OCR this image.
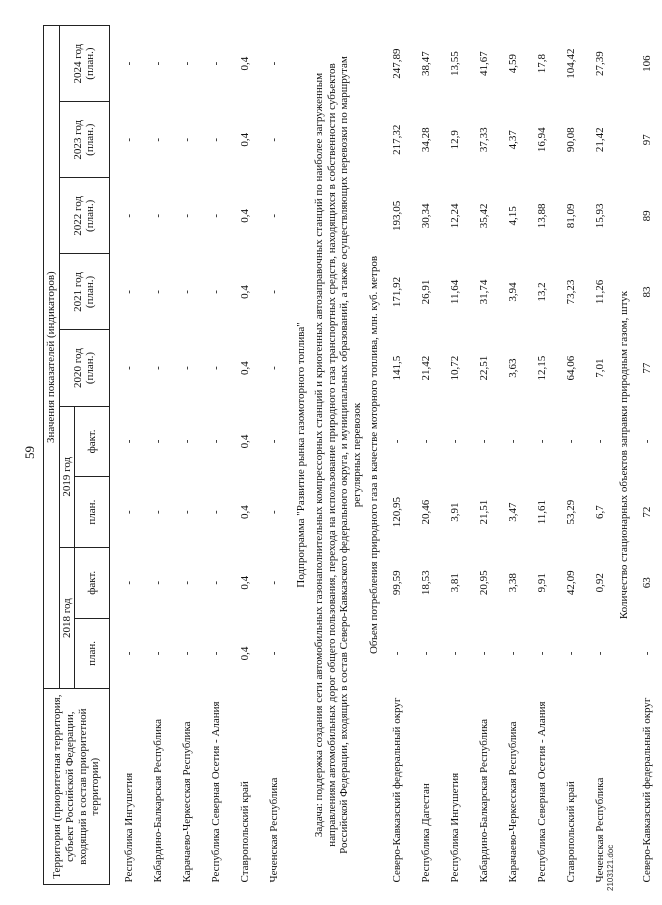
59
Территория (приоритетная территория, субъект Российской Федерации, входящий в состав приоритетной территории)	Значения показателей (индикаторов)								
	2018 год		2019 год		2020 год (план.)	2021 год (план.)	2022 год (план.)	2023 год (план.)	2024 год (план.)
	план.	факт.	план.	факт.					
Республика Ингушетия	-	-	-	-	-	-	-	-	-
Кабардино-Балкарская Республика	-	-	-	-	-	-	-	-	-
Карачаево-Черкесская Республика	-	-	-	-	-	-	-	-	-
Республика Северная Осетия - Алания	-	-	-	-	-	-	-	-	-
Ставропольский край	0,4	0,4	0,4	0,4	0,4	0,4	0,4	0,4	0,4
Чеченская Республика	-	-	-	-	-	-	-	-	-
Подпрограмма "Развитие рынка газомоторного топлива"									
Задача: поддержка создания сети автомобильных газонаполнительных компрессорных станций и криогенных автозаправочных станций по наиболее загруженным направлениям автомобильных дорог общего пользования, перехода на использование природного газа транспортных средств, находящихся в собственности субъектов Российской Федерации, входящих в состав Северо-Кавказского федерального округа, и муниципальных образований, а также осуществляющих перевозки по маршрутам регулярных перевозок									
Объем потребления природного газа в качестве моторного топлива, млн. куб. метров									
Северо-Кавказский федеральный округ	-	99,59	120,95	-	141,5	171,92	193,05	217,32	247,89
Республика Дагестан	-	18,53	20,46	-	21,42	26,91	30,34	34,28	38,47
Республика Ингушетия	-	3,81	3,91	-	10,72	11,64	12,24	12,9	13,55
Кабардино-Балкарская Республика	-	20,95	21,51	-	22,51	31,74	35,42	37,33	41,67
Карачаево-Черкесская Республика	-	3,38	3,47	-	3,63	3,94	4,15	4,37	4,59
Республика Северная Осетия - Алания	-	9,91	11,61	-	12,15	13,2	13,88	16,94	17,8
Ставропольский край	-	42,09	53,29	-	64,06	73,23	81,09	90,08	104,42
Чеченская Республика	-	0,92	6,7	-	7,01	11,26	15,93	21,42	27,39
Количество стационарных объектов заправки природным газом, штук									
Северо-Кавказский федеральный округ	-	63	72	-	77	83	89	97	106
2103121.doc
